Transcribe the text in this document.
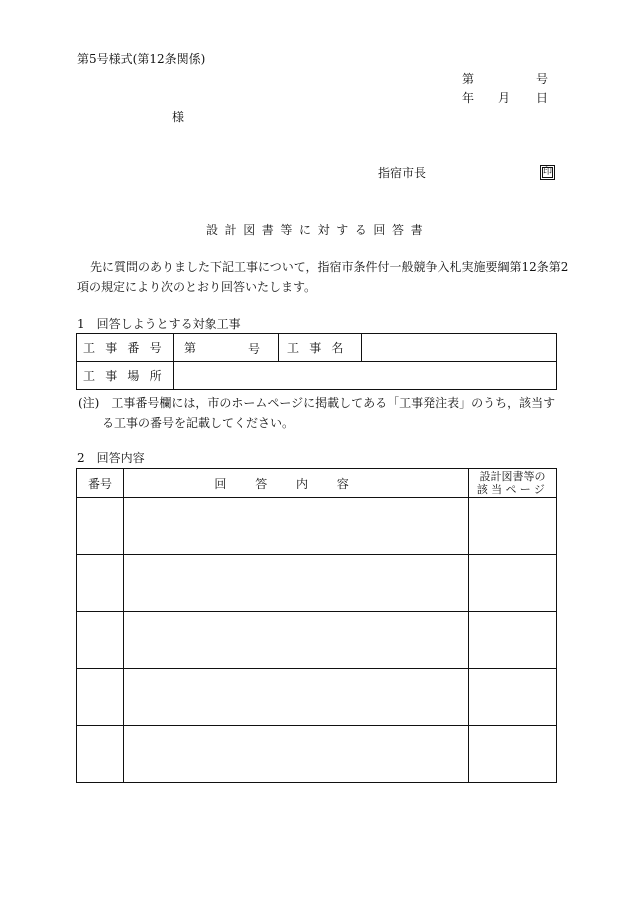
第5号様式(第12条関係)
第	号
年 月 日
様
指宿市長	印
設計図書等に対する回答書
先に質問のありました下記工事について，指宿市条件付一般競争入札実施要綱第12条第2
項の規定により次のとおり回答いたします。
1　回答しようとする対象工事
工事番号	第 号	工事名	
工事場所			
(注)　 工事番号欄には，市のホームページに掲載してある「工事発注表」のうち，該当す
る工事の番号を記載してください。
2　回答内容
番号	回答内容	設計図書等の
該当ページ
